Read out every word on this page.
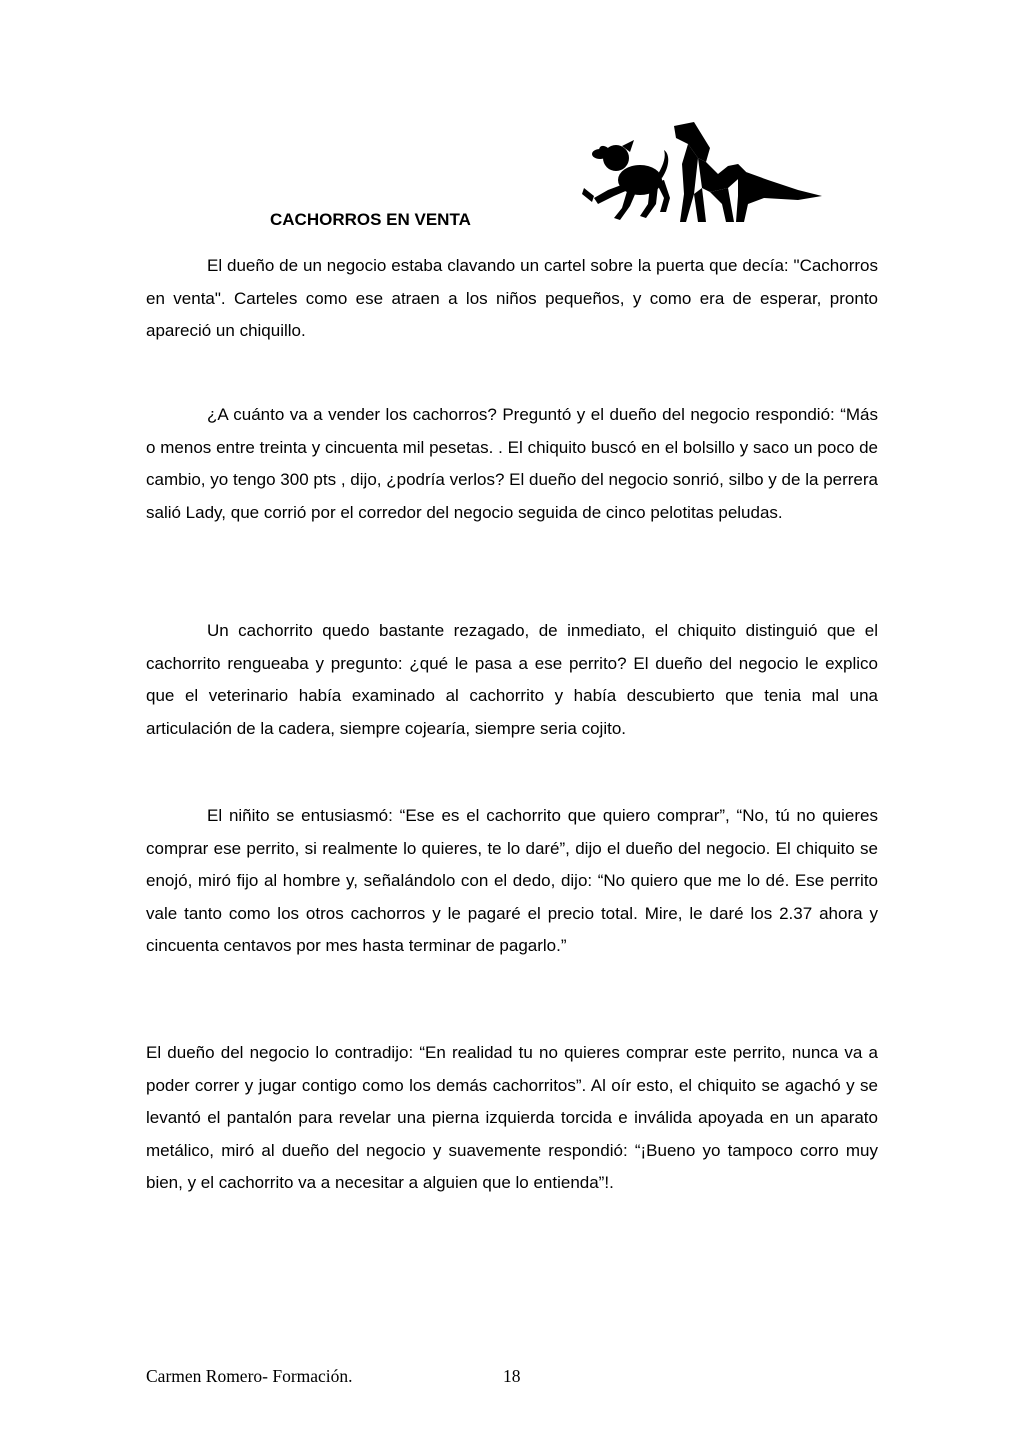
CACHORROS EN VENTA

El dueño de un negocio estaba clavando un cartel sobre la puerta que decía: "Cachorros en venta". Carteles como ese atraen a los niños pequeños, y como era de esperar, pronto apareció un chiquillo.

¿A cuánto va a vender los cachorros? Preguntó y el dueño del negocio respondió: “Más o menos entre treinta y cincuenta mil pesetas. . El chiquito buscó en el bolsillo y saco un poco de cambio, yo tengo 300 pts , dijo, ¿podría verlos? El dueño del negocio sonrió, silbo y de la perrera salió Lady, que corrió por el corredor del negocio seguida de cinco pelotitas peludas.

Un cachorrito quedo bastante rezagado, de inmediato, el chiquito distinguió que el cachorrito rengueaba y pregunto: ¿qué le pasa a ese perrito? El dueño del negocio le explico que el veterinario había examinado al cachorrito y había descubierto que tenia mal una articulación de la cadera, siempre cojearía, siempre seria cojito.

El niñito se entusiasmó: “Ese es el cachorrito que quiero comprar”, “No, tú no quieres comprar ese perrito, si realmente lo quieres, te lo daré”, dijo el dueño del negocio. El chiquito se enojó, miró fijo al hombre y, señalándolo con el dedo, dijo: “No quiero que me lo dé. Ese perrito vale tanto como los otros cachorros y le pagaré el precio total. Mire, le daré los 2.37 ahora y cincuenta centavos por mes hasta terminar de pagarlo.”

El dueño del negocio lo contradijo: “En realidad tu no quieres comprar este perrito, nunca va a poder correr y jugar contigo como los demás cachorritos”. Al oír esto, el chiquito se agachó y se levantó el pantalón para revelar una pierna izquierda torcida e inválida apoyada en un aparato metálico, miró al dueño del negocio y suavemente respondió: “¡Bueno yo tampoco corro muy bien, y el cachorrito va a necesitar a alguien que lo entienda”!.

Carmen Romero- Formación.	18
